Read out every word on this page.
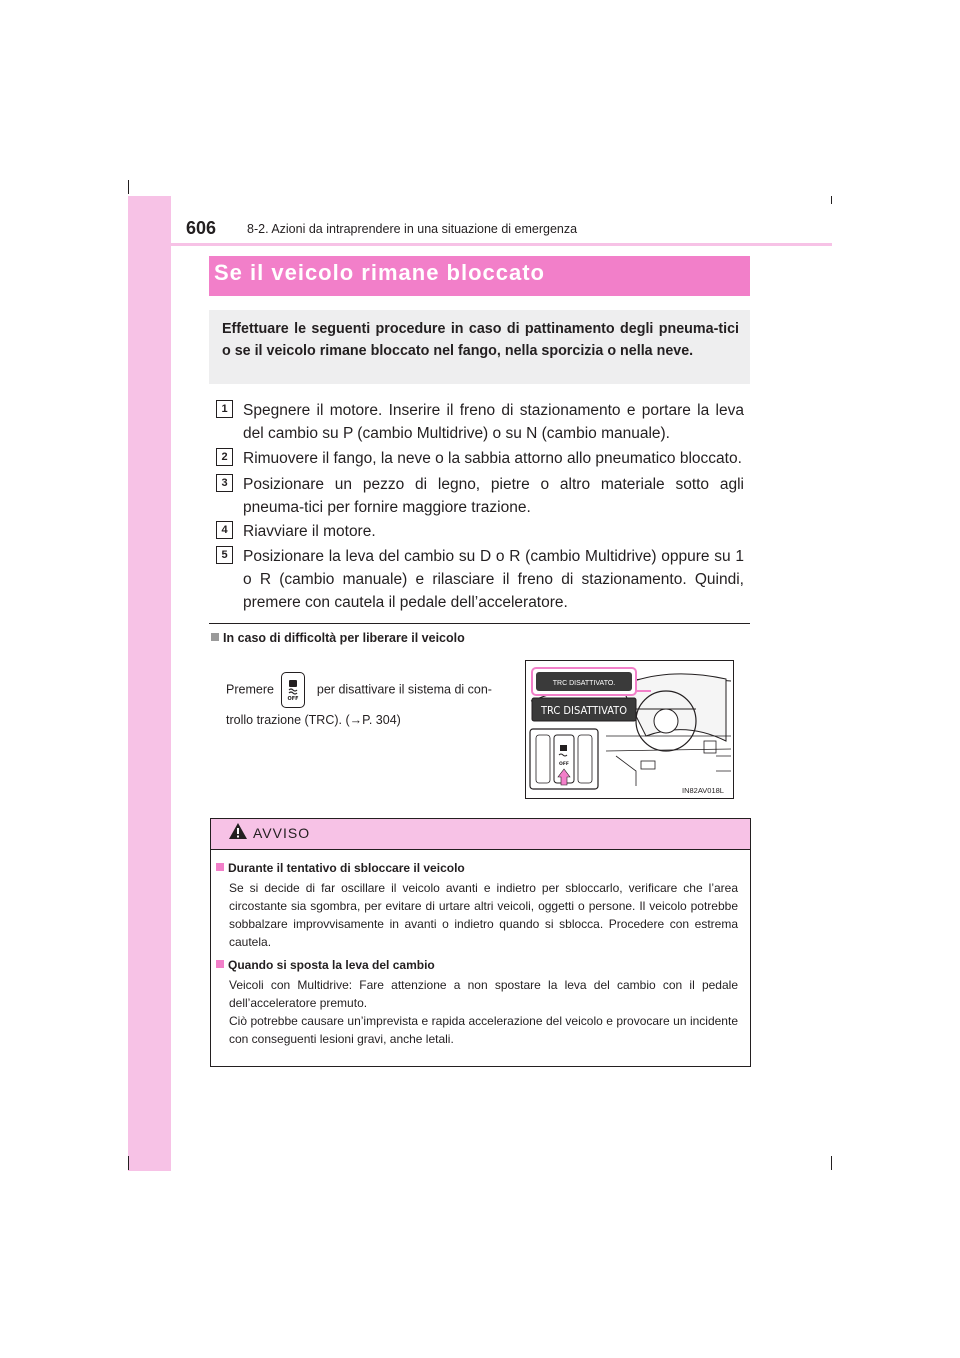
606 8-2. Azioni da intraprendere in una situazione di emergenza
Se il veicolo rimane bloccato
Effettuare le seguenti procedure in caso di pattinamento degli pneuma-tici o se il veicolo rimane bloccato nel fango, nella sporcizia o nella neve.
1 Spegnere il motore. Inserire il freno di stazionamento e portare la leva del cambio su P (cambio Multidrive) o su N (cambio manuale).
2 Rimuovere il fango, la neve o la sabbia attorno allo pneumatico bloccato.
3 Posizionare un pezzo di legno, pietre o altro materiale sotto agli pneuma-tici per fornire maggiore trazione.
4 Riavviare il motore.
5 Posizionare la leva del cambio su D o R (cambio Multidrive) oppure su 1 o R (cambio manuale) e rilasciare il freno di stazionamento. Quindi, premere con cautela il pedale dell’acceleratore.
In caso di difficoltà per liberare il veicolo
Premere
OFF
per disattivare il sistema di con-trollo trazione (TRC). (→P. 304)
TRC DISATTIVATO.
TRC DISATTIVATO
OFF
IN82AV018L
AVVISO
Durante il tentativo di sbloccare il veicolo
Se si decide di far oscillare il veicolo avanti e indietro per sbloccarlo, verificare che l’area circostante sia sgombra, per evitare di urtare altri veicoli, oggetti o persone. Il veicolo potrebbe sobbalzare improvvisamente in avanti o indietro quando si sblocca. Procedere con estrema cautela.
Quando si sposta la leva del cambio
Veicoli con Multidrive: Fare attenzione a non spostare la leva del cambio con il pedale dell’acceleratore premuto.
Ciò potrebbe causare un’imprevista e rapida accelerazione del veicolo e provocare un incidente con conseguenti lesioni gravi, anche letali.
